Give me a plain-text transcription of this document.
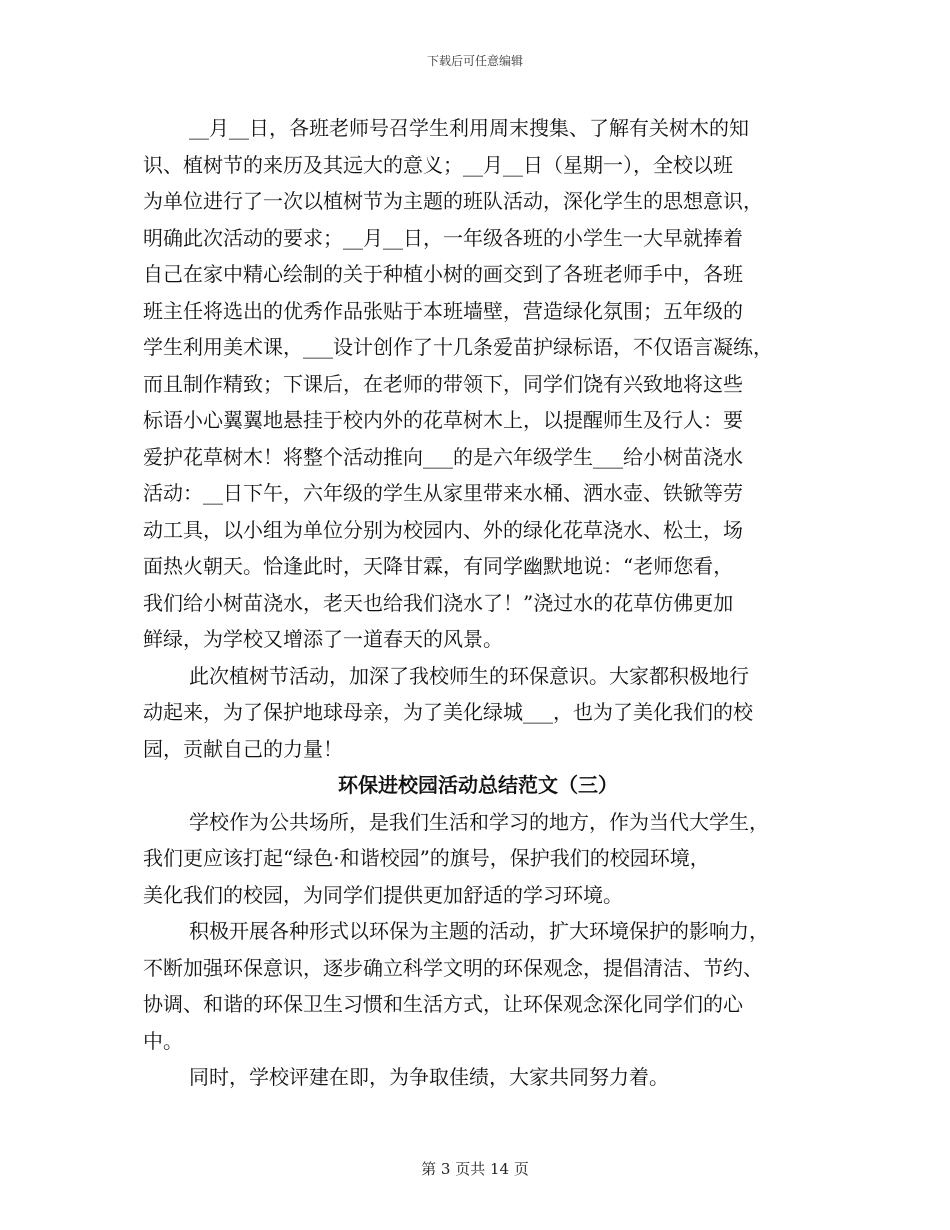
下载后可任意编辑
__月__日，各班老师号召学生利用周末搜集、了解有关树木的知
识、植树节的来历及其远大的意义；__月__日（星期一），全校以班
为单位进行了一次以植树节为主题的班队活动，深化学生的思想意识，
明确此次活动的要求；__月__日，一年级各班的小学生一大早就捧着
自己在家中精心绘制的关于种植小树的画交到了各班老师手中，各班
班主任将选出的优秀作品张贴于本班墙壁，营造绿化氛围；五年级的
学生利用美术课，___设计创作了十几条爱苗护绿标语，不仅语言凝练，
而且制作精致；下课后，在老师的带领下，同学们饶有兴致地将这些
标语小心翼翼地悬挂于校内外的花草树木上，以提醒师生及行人：要
爱护花草树木！将整个活动推向___的是六年级学生___给小树苗浇水
活动：__日下午，六年级的学生从家里带来水桶、洒水壶、铁锨等劳
动工具，以小组为单位分别为校园内、外的绿化花草浇水、松土，场
面热火朝天。恰逢此时，天降甘霖，有同学幽默地说：“老师您看，
我们给小树苗浇水，老天也给我们浇水了！”浇过水的花草仿佛更加
鲜绿，为学校又增添了一道春天的风景。
此次植树节活动，加深了我校师生的环保意识。大家都积极地行
动起来，为了保护地球母亲，为了美化绿城___，也为了美化我们的校
园，贡献自己的力量！
环保进校园活动总结范文（三）
学校作为公共场所，是我们生活和学习的地方，作为当代大学生，
我们更应该打起“绿色·和谐校园”的旗号，保护我们的校园环境，
美化我们的校园，为同学们提供更加舒适的学习环境。
积极开展各种形式以环保为主题的活动，扩大环境保护的影响力，
不断加强环保意识，逐步确立科学文明的环保观念，提倡清洁、节约、
协调、和谐的环保卫生习惯和生活方式，让环保观念深化同学们的心
中。
同时，学校评建在即，为争取佳绩，大家共同努力着。
第 3 页共 14 页
